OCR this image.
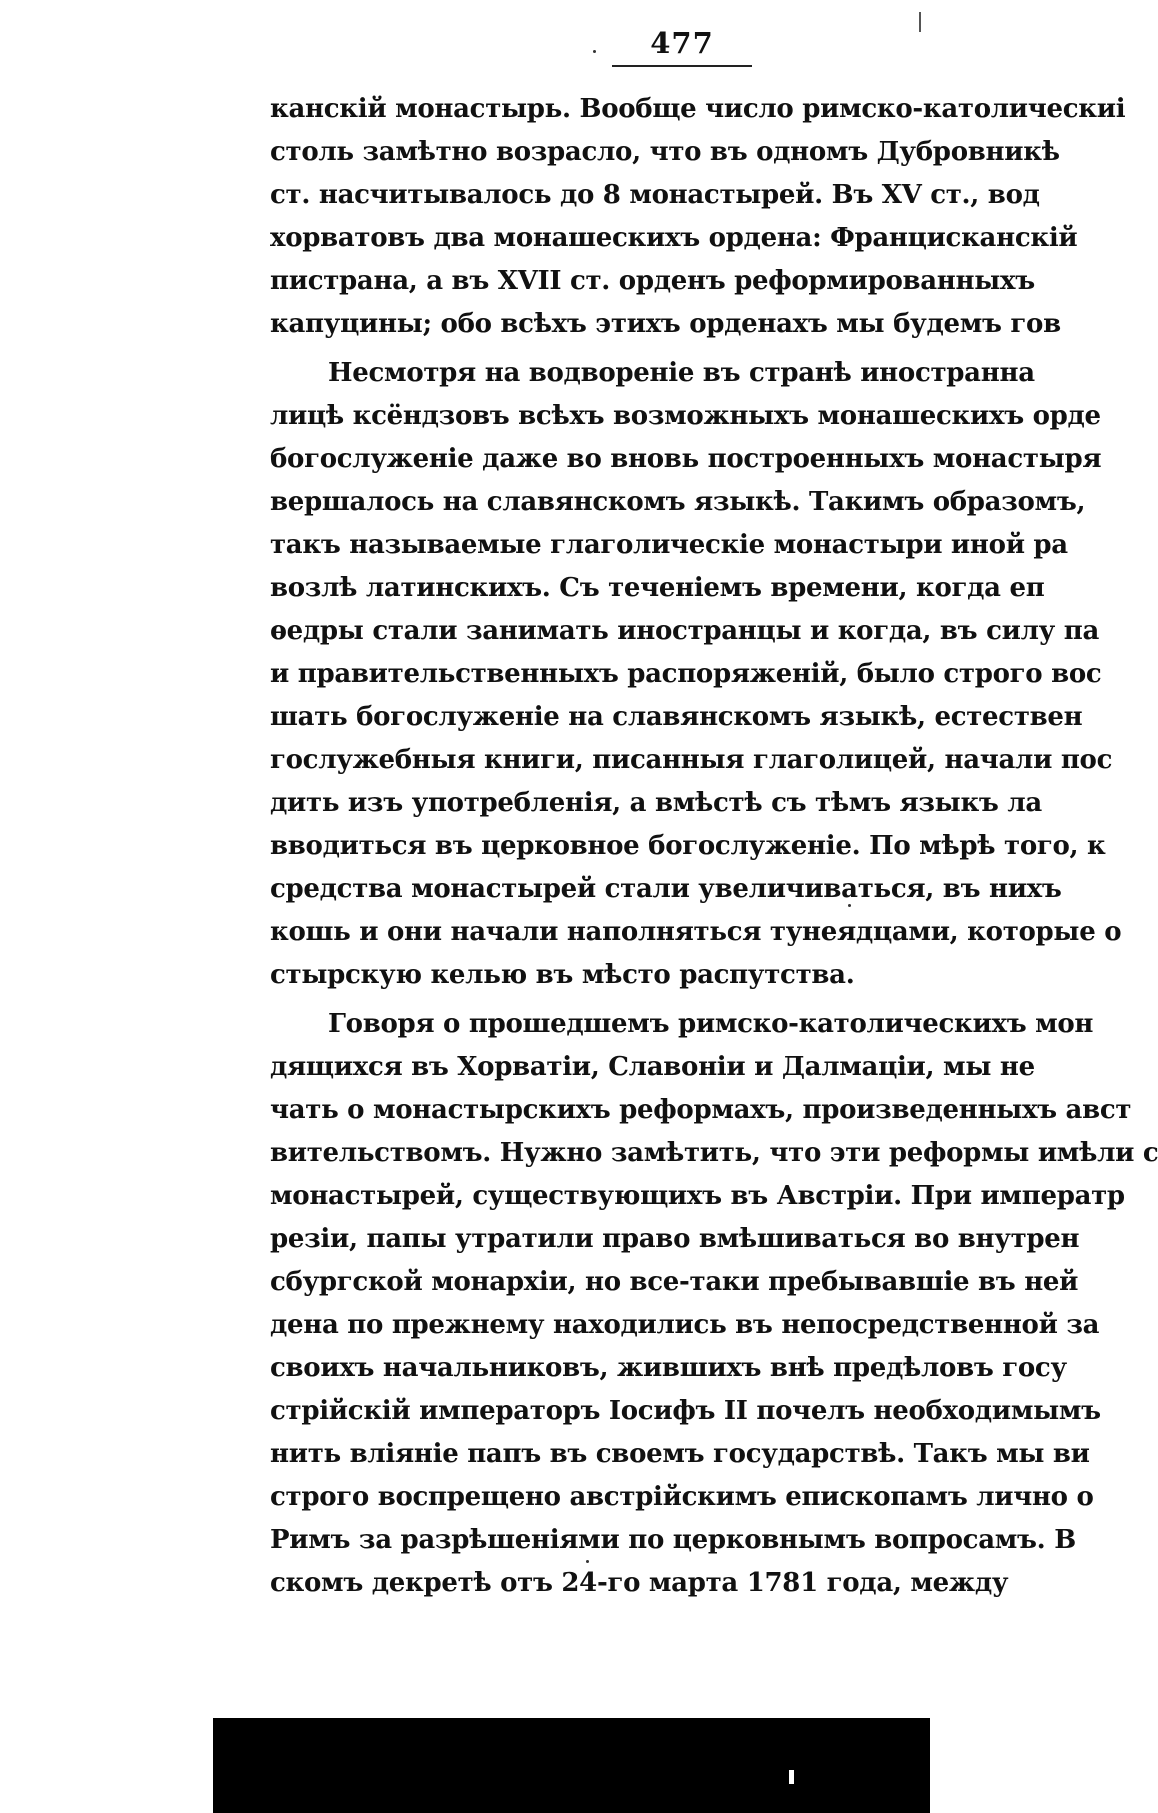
477
канскій монастырь. Вообще число римско-католическиі
столь замѣтно возрасло, что въ одномъ Дубровникѣ
ст. насчитывалось до 8 монастырей. Въ XV ст., вод
хорватовъ два монашескихъ ордена: Францисканскій
пистрана, а въ XVII ст. орденъ реформированныхъ
капуцины; обо всѣхъ этихъ орденахъ мы будемъ гов
Несмотря на водвореніе въ странѣ иностранна
лицѣ ксёндзовъ всѣхъ возможныхъ монашескихъ орде
богослуженіе даже во вновь построенныхъ монастыря
вершалось на славянскомъ языкѣ. Такимъ образомъ,
такъ называемые глаголическіе монастыри иной ра
возлѣ латинскихъ. Съ теченіемъ времени, когда еп
ѳедры стали занимать иностранцы и когда, въ силу па
и правительственныхъ распоряженій, было строго вос
шать богослуженіе на славянскомъ языкѣ, естествен
гослужебныя книги, писанныя глаголицей, начали пос
дить изъ употребленія, а вмѣстѣ съ тѣмъ языкъ ла
вводиться въ церковное богослуженіе. По мѣрѣ того, к
средства монастырей стали увеличиваться, въ нихъ
кошь и они начали наполняться тунеядцами, которые о
стырскую келью въ мѣсто распутства.
Говоря о прошедшемъ римско-католическихъ мон
дящихся въ Хорватіи, Славоніи и Далмаціи, мы не
чать о монастырскихъ реформахъ, произведенныхъ авст
вительствомъ. Нужно замѣтить, что эти реформы имѣли с
монастырей, существующихъ въ Австріи. При императр
резіи, папы утратили право вмѣшиваться во внутрен
сбургской монархіи, но все-таки пребывавшіе въ ней
дена по прежнему находились въ непосредственной за
своихъ начальниковъ, жившихъ внѣ предѣловъ госу
стрійскій императоръ Іосифъ II почелъ необходимымъ
нить вліяніе папъ въ своемъ государствѣ. Такъ мы ви
строго воспрещено австрійскимъ епископамъ лично о
Римъ за разрѣшеніями по церковнымъ вопросамъ. В
скомъ декретѣ отъ 24-го марта 1781 года, между
